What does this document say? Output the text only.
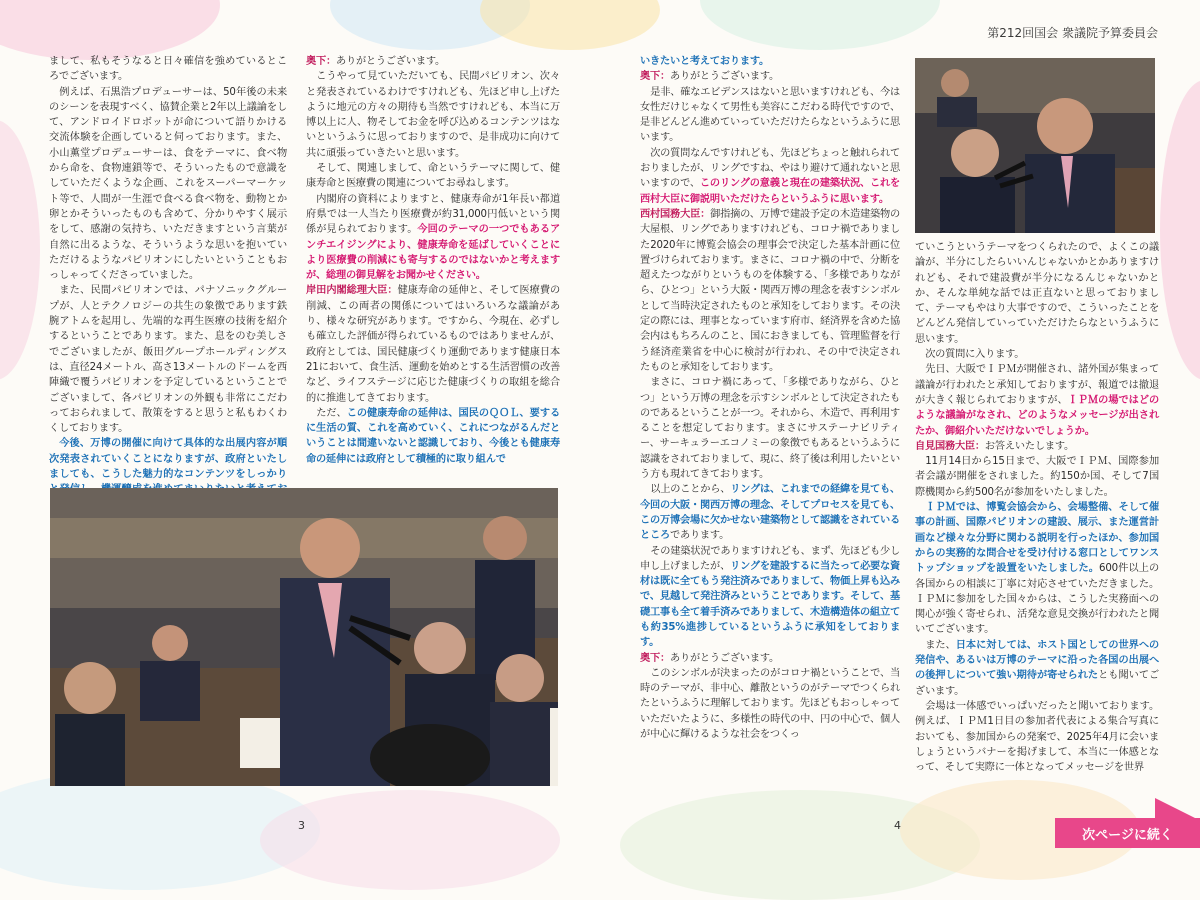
第212回国会 衆議院予算委員会

まして、私もそうなると日々確信を強めているところでございます。

例えば、石黒浩プロデューサーは、50年後の未来のシーンを表現すべく、協賛企業と2年以上議論をして、アンドロイドロボットが命について語りかける交流体験を企画していると伺っております。また、小山薫堂プロデューサーは、食をテーマに、食べ物から命を、食物連鎖等で、そういったもので意識をしていただくような企画、これをスーパーマーケット等で、人間が一生涯で食べる食べ物を、動物とか卵とかそういったものも含めて、分かりやすく展示をして、感謝の気持ち、いただきますという言葉が自然に出るような、そういうような思いを抱いていただけるようなパビリオンにしたいということもおっしゃってくださっていました。

また、民間パビリオンでは、パナソニックグループが、人とテクノロジーの共生の象徴であります鉄腕アトムを起用し、先端的な再生医療の技術を紹介するということであります。また、息をのむ美しさでございましたが、飯田グループホールディングスは、直径24メートル、高さ13メートルのドームを西陣織で覆うパビリオンを予定しているということでございまして、各パビリオンの外観も非常にこだわっておられまして、散策をすると思うと私もわくわくしております。

今後、万博の開催に向けて具体的な出展内容が順次発表されていくことになりますが、政府といたしましても、こうした魅力的なコンテンツをしっかり

奥下：ありがとうございます。

こうやって見ていただいても、民間パビリオン、次々と発表されているわけですけれども、先ほど申し上げたように地元の方々の期待も当然ですけれども、本当に万博以上に人、物そしてお金を呼び込めるコンテンツはないというふうに思っておりますので、是非成功に向けて共に頑張っていきたいと思います。

そして、関連しまして、命というテーマに関して、健康寿命と医療費の関連についてお尋ねします。

内閣府の資料によりますと、健康寿命が1年長い都道府県では一人当たり医療費が約31,000円低いという関係が見られております。今回のテーマの一つでもあるアンチエイジングにより、健康寿命を延ばしていくことにより医療費の削減にも寄与するのではないかと考えますが、総理の御見解をお聞かせください。

岸田内閣総理大臣：健康寿命の延伸と、そして医療費の削減、この両者の関係についてはいろいろな議論があり、様々な研究があります。ですから、今現在、必ずしも確立した評価が得られているものではありませんが、政府としては、国民健康づくり運動であります健康日本21において、食生活、運動を始めとする生活習慣の改善など、ライフステージに応じた健康づくりの取組を総合的に推進してきております。

ただ、この健康寿命の延伸は、国民のＱＯＬ、要するに生活の質、これを高めていく、これにつながるんだということは間違いないと認識しており、今後とも健康寿命の延伸には政府として積極的に取り組んで

3

いきたいと考えております。

奥下：ありがとうございます。

是非、確なエビデンスはないと思いますけれども、今は女性だけじゃなくて男性も美容にこだわる時代ですので、是非どんどん進めていっていただけたらなというふうに思います。

次の質問なんですけれども、先ほどちょっと触れられておりましたが、リングですね、やはり避けて通れないと思いますので、このリングの意義と現在の建築状況、これを西村大臣に御説明いただけたらというふうに思います。

西村国務大臣：御指摘の、万博で建設予定の木造建築物の大屋根、リングでありますけれども、コロナ禍でありました2020年に博覧会協会の理事会で決定した基本計画に位置づけられております。まさに、コロナ禍の中で、分断を超えたつながりというものを体験する、「多様でありながら、ひとつ」という大阪・関西万博の理念を表すシンボルとして当時決定されたものと承知をしております。その決定の際には、理事となっています府市、経済界を含めた協会内はもちろんのこと、国におきましても、管理監督を行う経済産業省を中心に検討が行われ、その中で決定されたものと承知をしております。

まさに、コロナ禍にあって、「多様でありながら、ひとつ」という万博の理念を示すシンボルとして決定されたものであるということが一つ。それから、木造で、再利用することを想定しております。まさにサステーナビリティー、サーキュラーエコノミーの象徴でもあるというふうに認識をされておりまして、現に、終了後は利用したいという方も現れてきております。

以上のことから、リングは、これまでの経緯を見ても、今回の大阪・関西万博の理念、そしてプロセスを見ても、この万博会場に欠かせない建築物として認識をされているところであります。

その建築状況でありますけれども、まず、先ほども少し申し上げましたが、リングを建設するに当たって必要な資材は既に全てもう発注済みでありまして、物価上昇も込みで、見越して発注済みということであります。そして、基礎工事も全て着手済みでありまして、木造構造体の組立ても約35%進捗しているというふうに承知をしております。

奥下：ありがとうございます。

このシンボルが決まったのがコロナ禍ということで、当時のテーマが、非中心、離散というのがテーマでつくられたというふうに理解しております。先ほどもおっしゃっていただいたように、多様性の時代の中、円の中心で、個人が中心に輝けるような社会をつくっ

ていこうというテーマをつくられたので、よくこの議論が、半分にしたらいいんじゃないかとかありますけれども、それで建設費が半分になるんじゃないかとか、そんな単純な話では正直ないと思っておりまして、テーマもやはり大事ですので、こういったことをどんどん発信していっていただけたらなというふうに思います。

次の質問に入ります。

先日、大阪でＩＰＭが開催され、諸外国が集まって議論が行われたと承知しておりますが、報道では撤退が大きく報じられておりますが、ＩＰＭの場ではどのような議論がなされ、どのようなメッセージが出されたか、御紹介いただけないでしょうか。

自見国務大臣：お答えいたします。

11月14日から15日まで、大阪でＩＰＭ、国際参加者会議が開催をされました。約150か国、そして7国際機関から約500名が参加をいたしました。

ＩＰＭでは、博覧会協会から、会場整備、そして催事の計画、国際パビリオンの建設、展示、また運営計画など様々な分野に関わる説明を行ったほか、参加国からの実務的な問合せを受け付ける窓口としてワンストップショップを設置をいたしました。600件以上の各国からの相談に丁寧に対応させていただきました。ＩＰＭに参加をした国々からは、こうした実務面への関心が強く寄せられ、活発な意見交換が行われたと聞いてございます。

また、日本に対しては、ホスト国としての世界への発信や、あるいは万博のテーマに沿った各国の出展への後押しについて強い期待が寄せられたとも聞いてございます。

会場は一体感でいっぱいだったと聞いております。例えば、ＩＰＭ1日目の参加者代表による集合写真においても、参加国からの発案で、2025年4月に会いましょうというバナーを掲げまして、本当に一体感となって、そして実際に一体となってメッセージを世界

4
次ページに続く
